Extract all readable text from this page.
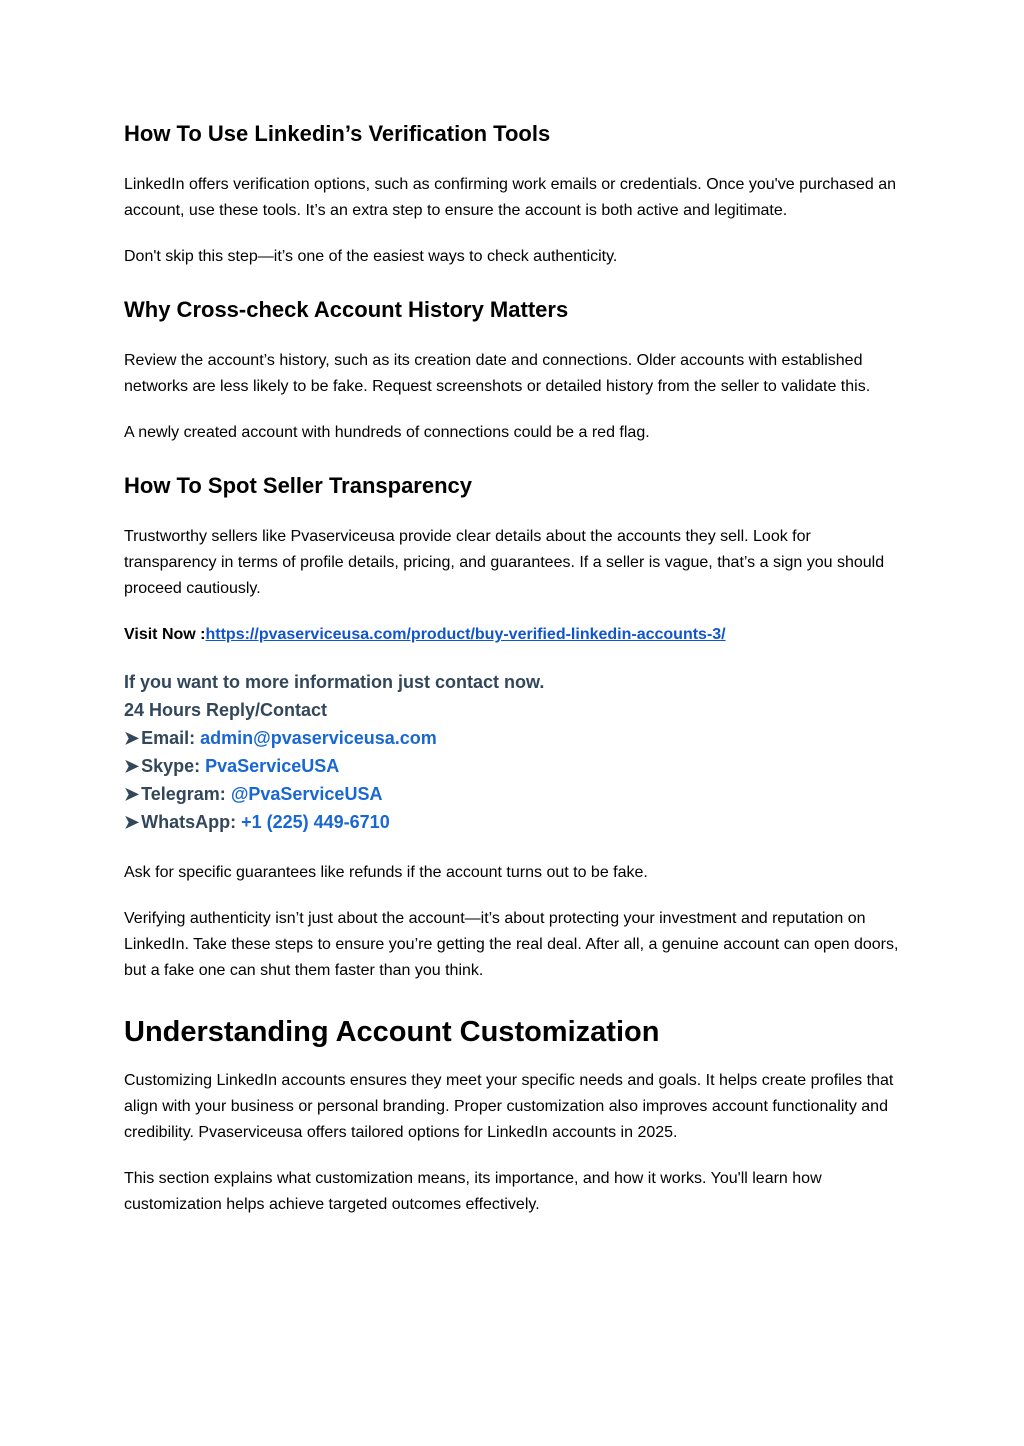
How To Use Linkedin’s Verification Tools

LinkedIn offers verification options, such as confirming work emails or credentials. Once you've purchased an account, use these tools. It’s an extra step to ensure the account is both active and legitimate.

Don't skip this step—it’s one of the easiest ways to check authenticity.

Why Cross-check Account History Matters

Review the account’s history, such as its creation date and connections. Older accounts with established networks are less likely to be fake. Request screenshots or detailed history from the seller to validate this.

A newly created account with hundreds of connections could be a red flag.

How To Spot Seller Transparency

Trustworthy sellers like Pvaserviceusa provide clear details about the accounts they sell. Look for transparency in terms of profile details, pricing, and guarantees. If a seller is vague, that’s a sign you should proceed cautiously.

Visit Now :https://pvaserviceusa.com/product/buy-verified-linkedin-accounts-3/

If you want to more information just contact now.
24 Hours Reply/Contact
➤ Email: admin@pvaserviceusa.com
➤ Skype: PvaServiceUSA
➤ Telegram: @PvaServiceUSA
➤ WhatsApp: +1 (225) 449-6710

Ask for specific guarantees like refunds if the account turns out to be fake.

Verifying authenticity isn’t just about the account—it’s about protecting your investment and reputation on LinkedIn. Take these steps to ensure you’re getting the real deal. After all, a genuine account can open doors, but a fake one can shut them faster than you think.

Understanding Account Customization

Customizing LinkedIn accounts ensures they meet your specific needs and goals. It helps create profiles that align with your business or personal branding. Proper customization also improves account functionality and credibility. Pvaserviceusa offers tailored options for LinkedIn accounts in 2025.

This section explains what customization means, its importance, and how it works. You'll learn how customization helps achieve targeted outcomes effectively.
